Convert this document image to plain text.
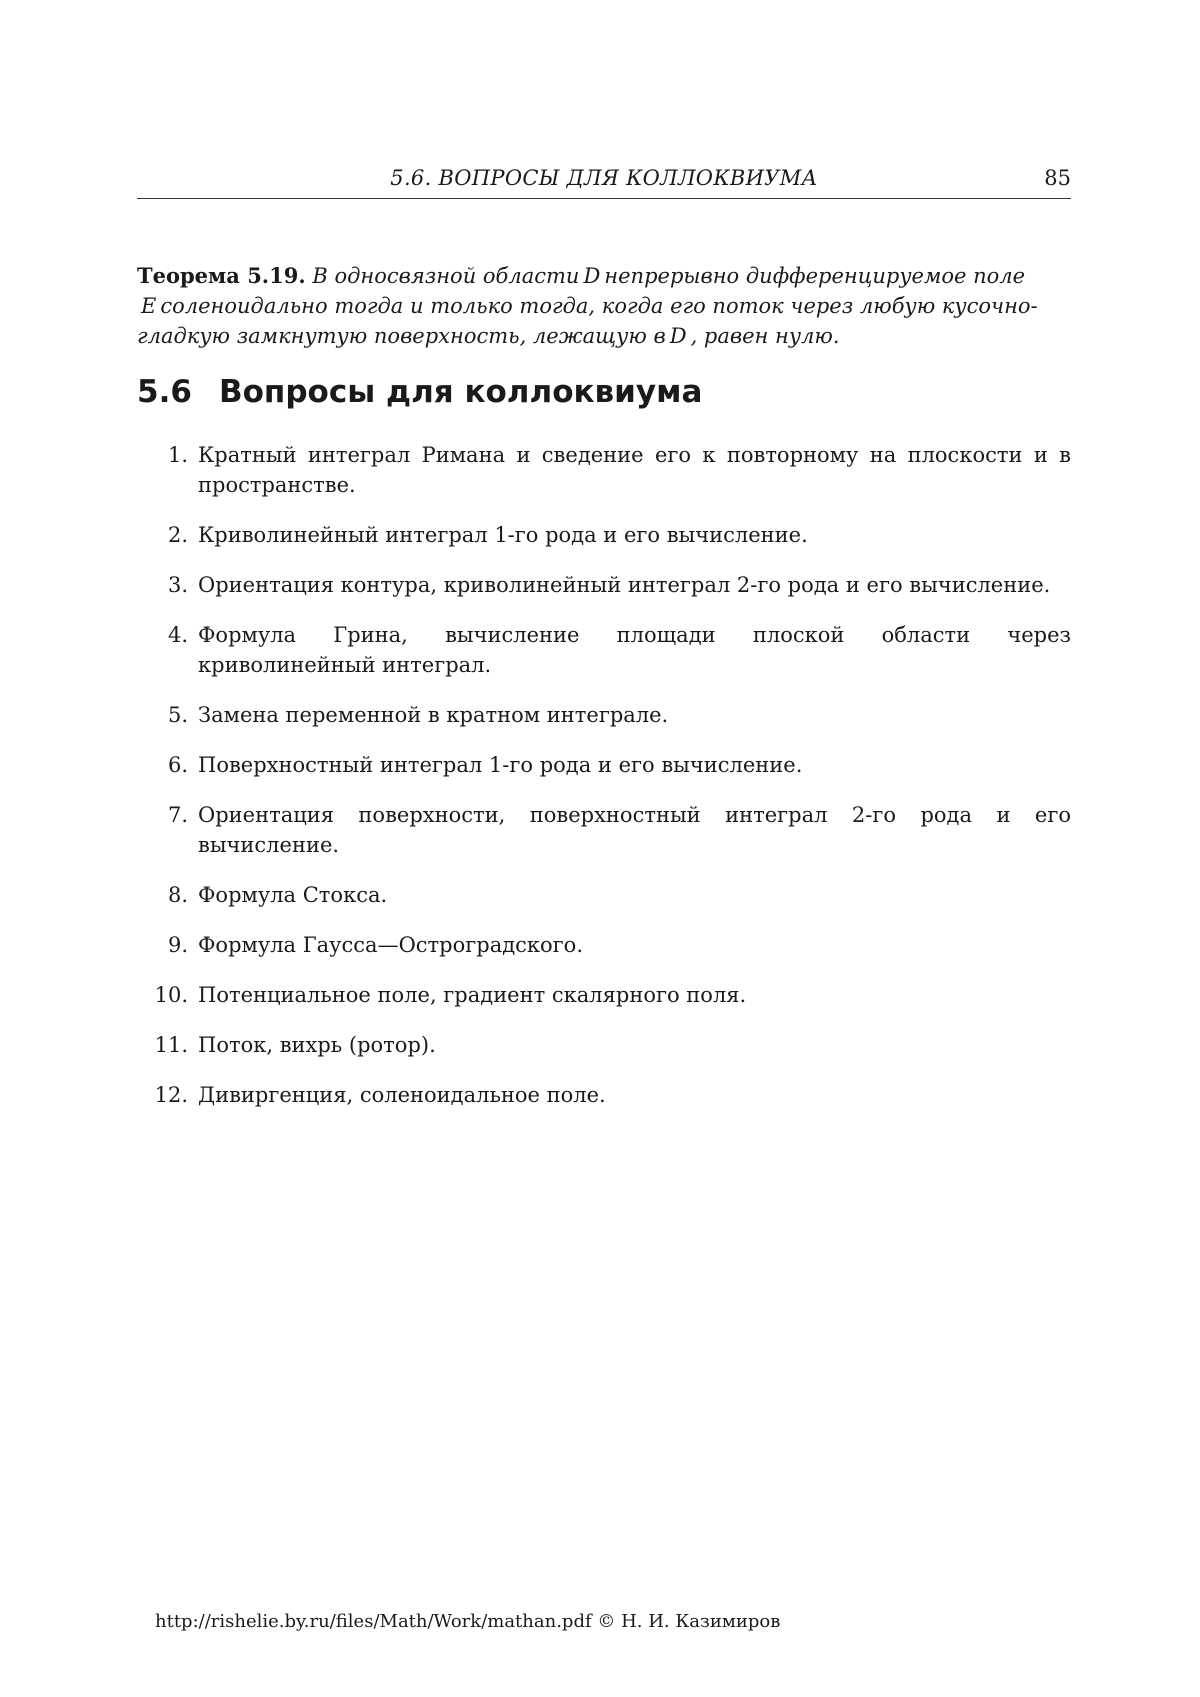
5.6. ВОПРОСЫ ДЛЯ КОЛЛОКВИУМА	85

Теорема 5.19. В односвязной области D непрерывно дифференцируемое поле E соленоидально тогда и только тогда, когда его поток через любую кусочно-гладкую замкнутую поверхность, лежащую в D , равен нулю.

5.6 Вопросы для коллоквиума
1. Кратный интеграл Римана и сведение его к повторному на плоскости и в пространстве.
2. Криволинейный интеграл 1-го рода и его вычисление.
3. Ориентация контура, криволинейный интеграл 2-го рода и его вычисление.
4. Формула Грина, вычисление площади плоской области через криволинейный интеграл.
5. Замена переменной в кратном интеграле.
6. Поверхностный интеграл 1-го рода и его вычисление.
7. Ориентация поверхности, поверхностный интеграл 2-го рода и его вычисление.
8. Формула Стокса.
9. Формула Гаусса—Остроградского.
10. Потенциальное поле, градиент скалярного поля.
11. Поток, вихрь (ротор).
12. Дивиргенция, соленоидальное поле.
http://rishelie.by.ru/files/Math/Work/mathan.pdf © Н. И. Казимиров
